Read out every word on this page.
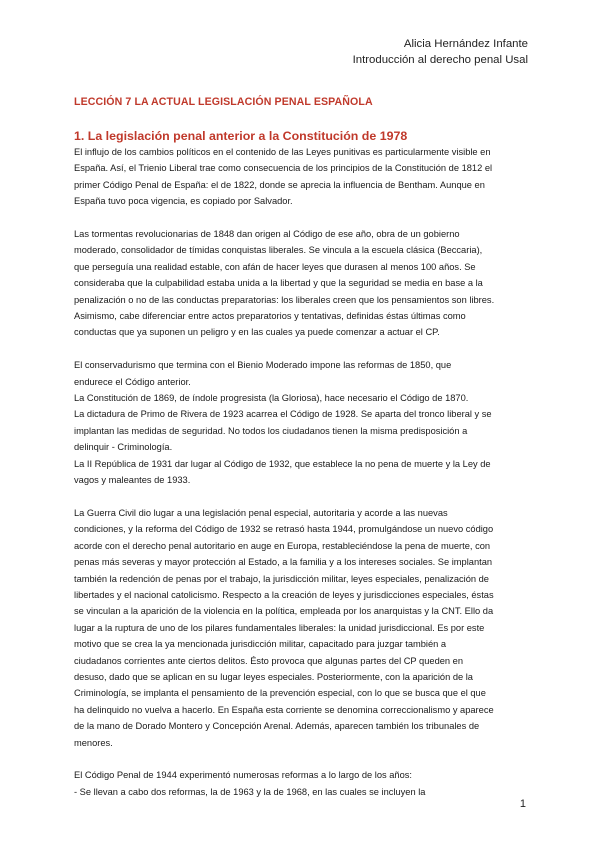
Alicia Hernández Infante
Introducción al derecho penal Usal
LECCIÓN 7 LA ACTUAL LEGISLACIÓN PENAL ESPAÑOLA
1. La legislación penal anterior a la Constitución de 1978

El influjo de los cambios políticos en el contenido de las Leyes punitivas es particularmente visible en
España. Así, el Trienio Liberal trae como consecuencia de los principios de la Constitución de 1812 el
primer Código Penal de España: el de 1822, donde se aprecia la influencia de Bentham. Aunque en
España tuvo poca vigencia, es copiado por Salvador.

Las tormentas revolucionarias de 1848 dan origen al Código de ese año, obra de un gobierno
moderado, consolidador de tímidas conquistas liberales. Se vincula a la escuela clásica (Beccaria),
que perseguía una realidad estable, con afán de hacer leyes que durasen al menos 100 años. Se
consideraba que la culpabilidad estaba unida a la libertad y que la seguridad se media en base a la
penalización o no de las conductas preparatorias: los liberales creen que los pensamientos son libres.
Asimismo, cabe diferenciar entre actos preparatorios y tentativas, definidas éstas últimas como
conductas que ya suponen un peligro y en las cuales ya puede comenzar a actuar el CP.

El conservadurismo que termina con el Bienio Moderado impone las reformas de 1850, que
endurece el Código anterior.
La Constitución de 1869, de índole progresista (la Gloriosa), hace necesario el Código de 1870.
La dictadura de Primo de Rivera de 1923 acarrea el Código de 1928. Se aparta del tronco liberal y se
implantan las medidas de seguridad. No todos los ciudadanos tienen la misma predisposición a
delinquir - Criminología.
La II República de 1931 dar lugar al Código de 1932, que establece la no pena de muerte y la Ley de
vagos y maleantes de 1933.

La Guerra Civil dio lugar a una legislación penal especial, autoritaria y acorde a las nuevas
condiciones, y la reforma del Código de 1932 se retrasó hasta 1944, promulgándose un nuevo código
acorde con el derecho penal autoritario en auge en Europa, restableciéndose la pena de muerte, con
penas más severas y mayor protección al Estado, a la familia y a los intereses sociales. Se implantan
también la redención de penas por el trabajo, la jurisdicción militar, leyes especiales, penalización de
libertades y el nacional catolicismo. Respecto a la creación de leyes y jurisdicciones especiales, éstas
se vinculan a la aparición de la violencia en la política, empleada por los anarquistas y la CNT. Ello da
lugar a la ruptura de uno de los pilares fundamentales liberales: la unidad jurisdiccional. Es por este
motivo que se crea la ya mencionada jurisdicción militar, capacitado para juzgar también a
ciudadanos corrientes ante ciertos delitos. Ésto provoca que algunas partes del CP queden en
desuso, dado que se aplican en su lugar leyes especiales. Posteriormente, con la aparición de la
Criminología, se implanta el pensamiento de la prevención especial, con lo que se busca que el que
ha delinquido no vuelva a hacerlo. En España esta corriente se denomina correccionalismo y aparece
de la mano de Dorado Montero y Concepción Arenal. Además, aparecen también los tribunales de
menores.

El Código Penal de 1944 experimentó numerosas reformas a lo largo de los años:
- Se llevan a cabo dos reformas, la de 1963 y la de 1968, en las cuales se incluyen la

1
